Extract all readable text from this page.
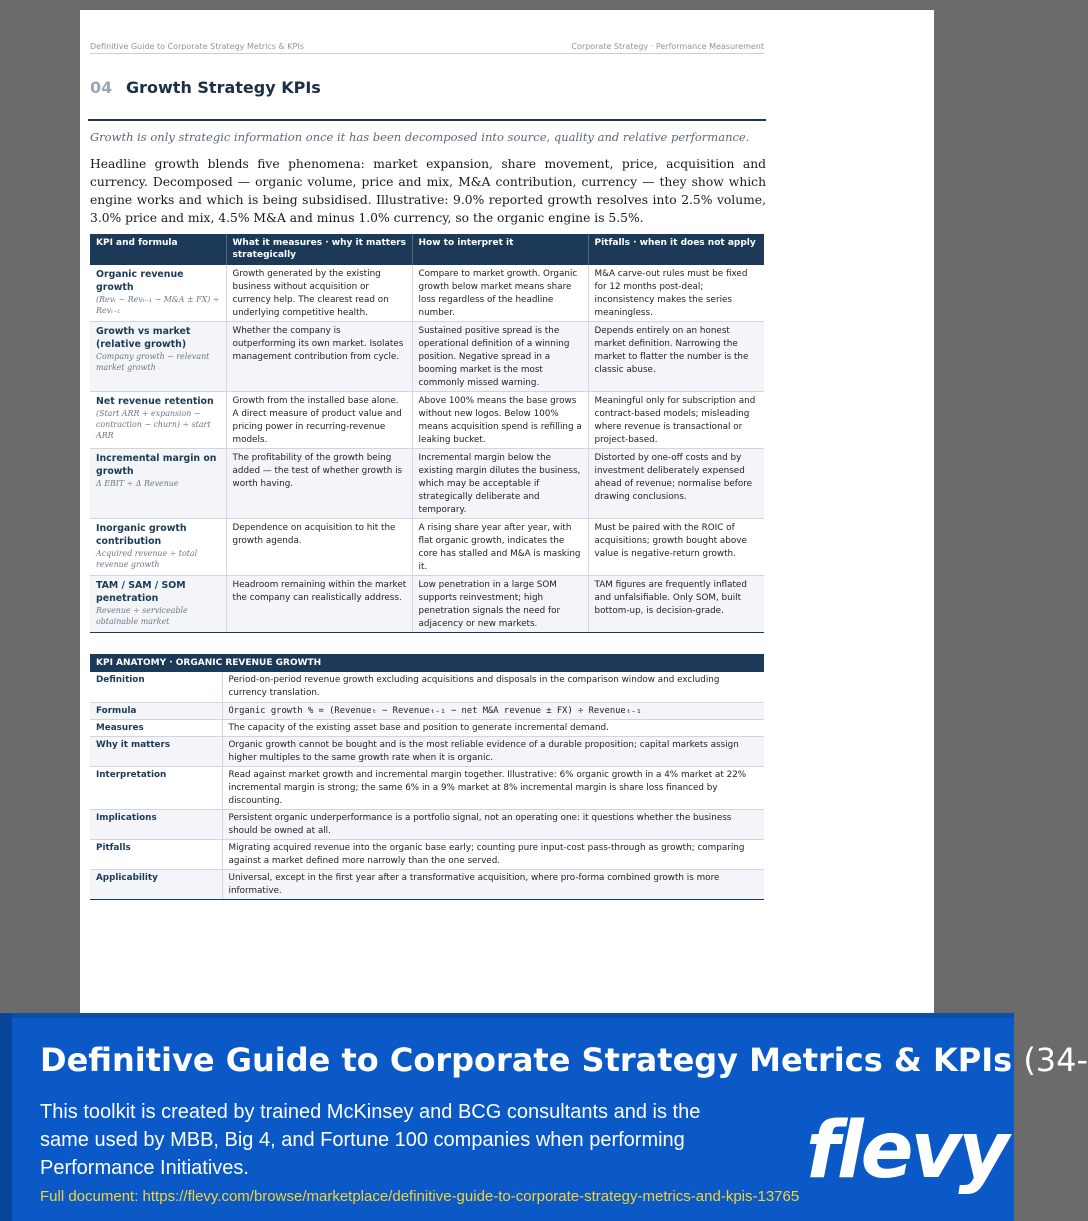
Definitive Guide to Corporate Strategy Metrics & KPIs	Corporate Strategy · Performance Measurement
04 Growth Strategy KPIs
Growth is only strategic information once it has been decomposed into source, quality and relative performance.
Headline growth blends five phenomena: market expansion, share movement, price, acquisition and currency. Decomposed — organic volume, price and mix, M&A contribution, currency — they show which engine works and which is being subsidised. Illustrative: 9.0% reported growth resolves into 2.5% volume, 3.0% price and mix, 4.5% M&A and minus 1.0% currency, so the organic engine is 5.5%.
KPI and formula	What it measures · why it matters strategically	How to interpret it	Pitfalls · when it does not apply

Organic revenue growth
(Revₜ − Revₜ₋₁ − M&A ± FX) ÷ Revₜ₋₁	Growth generated by the existing business without acquisition or currency help. The clearest read on underlying competitive health.	Compare to market growth. Organic growth below market means share loss regardless of the headline number.	M&A carve-out rules must be fixed for 12 months post-deal; inconsistency makes the series meaningless.

Growth vs market (relative growth)
Company growth − relevant market growth	Whether the company is outperforming its own market. Isolates management contribution from cycle.	Sustained positive spread is the operational definition of a winning position. Negative spread in a booming market is the most commonly missed warning.	Depends entirely on an honest market definition. Narrowing the market to flatter the number is the classic abuse.

Net revenue retention
(Start ARR + expansion − contraction − churn) ÷ start ARR	Growth from the installed base alone. A direct measure of product value and pricing power in recurring-revenue models.	Above 100% means the base grows without new logos. Below 100% means acquisition spend is refilling a leaking bucket.	Meaningful only for subscription and contract-based models; misleading where revenue is transactional or project-based.

Incremental margin on growth
Δ EBIT ÷ Δ Revenue	The profitability of the growth being added — the test of whether growth is worth having.	Incremental margin below the existing margin dilutes the business, which may be acceptable if strategically deliberate and temporary.	Distorted by one-off costs and by investment deliberately expensed ahead of revenue; normalise before drawing conclusions.

Inorganic growth contribution
Acquired revenue ÷ total revenue growth	Dependence on acquisition to hit the growth agenda.	A rising share year after year, with flat organic growth, indicates the core has stalled and M&A is masking it.	Must be paired with the ROIC of acquisitions; growth bought above value is negative-return growth.

TAM / SAM / SOM penetration
Revenue ÷ serviceable obtainable market	Headroom remaining within the market the company can realistically address.	Low penetration in a large SOM supports reinvestment; high penetration signals the need for adjacency or new markets.	TAM figures are frequently inflated and unfalsifiable. Only SOM, built bottom-up, is decision-grade.
KPI ANATOMY · ORGANIC REVENUE GROWTH	
Definition	Period-on-period revenue growth excluding acquisitions and disposals in the comparison window and excluding currency translation.
Formula	Organic growth % = (Revenueₜ − Revenueₜ₋₁ − net M&A revenue ± FX) ÷ Revenueₜ₋₁
Measures	The capacity of the existing asset base and position to generate incremental demand.
Why it matters	Organic growth cannot be bought and is the most reliable evidence of a durable proposition; capital markets assign higher multiples to the same growth rate when it is organic.
Interpretation	Read against market growth and incremental margin together. Illustrative: 6% organic growth in a 4% market at 22% incremental margin is strong; the same 6% in a 9% market at 8% incremental margin is share loss financed by discounting.
Implications	Persistent organic underperformance is a portfolio signal, not an operating one: it questions whether the business should be owned at all.
Pitfalls	Migrating acquired revenue into the organic base early; counting pure input-cost pass-through as growth; comparing against a market defined more narrowly than the one served.
Applicability	Universal, except in the first year after a transformative acquisition, where pro-forma combined growth is more informative.
Definitive Guide to Corporate Strategy Metrics & KPIs (34-
This toolkit is created by trained McKinsey and BCG consultants and is the same used by MBB, Big 4, and Fortune 100 companies when performing Performance Initiatives.
Full document: https://flevy.com/browse/marketplace/definitive-guide-to-corporate-strategy-metrics-and-kpis-13765
flevy
